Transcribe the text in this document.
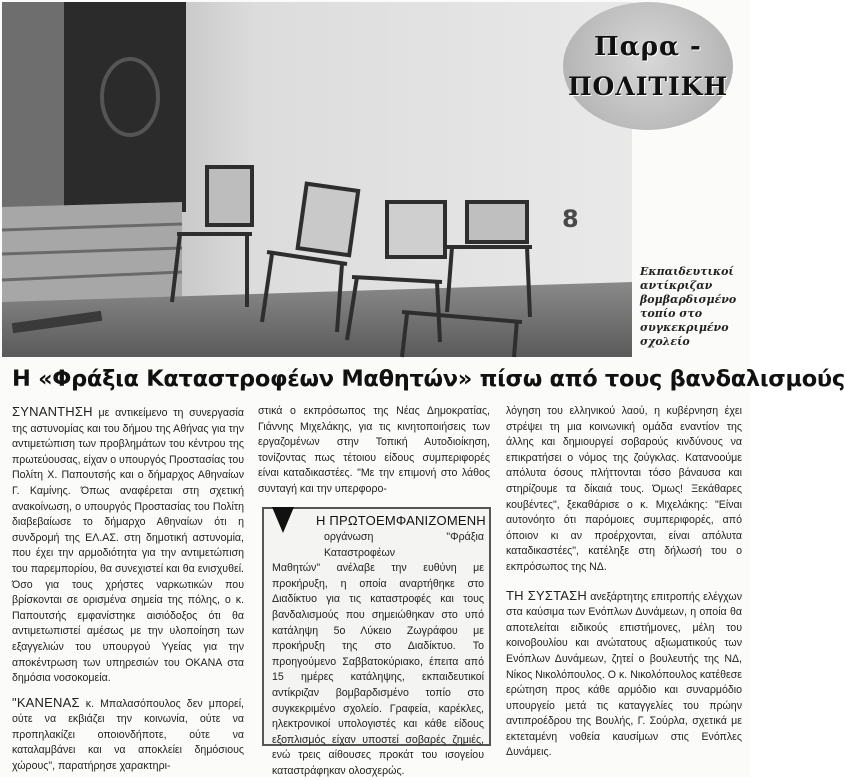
8
Παρα -
ΠΟΛΙΤΙΚΗ
Εκπαιδευτικοί αντίκριζαν βομβαρδισμένο τοπίο στο συγκεκριμένο σχολείο
Η «Φράξια Καταστροφέων Μαθητών» πίσω από τους βανδαλισμούς

ΣΥΝΑΝΤΗΣΗ με αντικείμενο τη συνεργασία της αστυνομίας και του δήμου της Αθήνας για την αντιμετώπιση των προβλημάτων του κέντρου της πρωτεύουσας, είχαν ο υπουργός Προστασίας του Πολίτη Χ. Παπουτσής και ο δήμαρχος Αθηναίων Γ. Καμίνης. Όπως αναφέρεται στη σχετική ανακοίνωση, ο υπουργός Προστασίας του Πολίτη διαβεβαίωσε το δήμαρχο Αθηναίων ότι η συνδρομή της ΕΛ.ΑΣ. στη δημοτική αστυνομία, που έχει την αρμοδιότητα για την αντιμετώπιση του παρεμπορίου, θα συνεχιστεί και θα ενισχυθεί. Όσο για τους χρήστες ναρκωτικών που βρίσκονται σε ορισμένα σημεία της πόλης, ο κ. Παπουτσής εμφανίστηκε αισιόδοξος ότι θα αντιμετωπιστεί αμέσως με την υλοποίηση των εξαγγελιών του υπουργού Υγείας για την αποκέντρωση των υπηρεσιών του ΟΚΑΝΑ στα δημόσια νοσοκομεία.

"ΚΑΝΕΝΑΣ κ. Μπαλασόπουλος δεν μπορεί, ούτε να εκβιάζει την κοινωνία, ούτε να προπηλακίζει οποιονδήποτε, ούτε να καταλαμβάνει και να αποκλείει δημόσιους χώρους", παρατήρησε χαρακτηρι-

στικά ο εκπρόσωπος της Νέας Δημοκρατίας, Γιάννης Μιχελάκης, για τις κινητοποιήσεις των εργαζομένων στην Τοπική Αυτοδιοίκηση, τονίζοντας πως τέτοιου είδους συμπεριφορές είναι καταδικαστέες. "Με την επιμονή στο λάθος συνταγή και την υπερφορο-

Η ΠΡΩΤΟΕΜΦΑΝΙΖΟΜΕΝΗ
οργάνωση "Φράξια Καταστροφέων
Μαθητών" ανέλαβε την ευθύνη με προκήρυξη, η οποία αναρτήθηκε στο Διαδίκτυο για τις καταστροφές και τους βανδαλισμούς που σημειώθηκαν στο υπό κατάληψη 5ο Λύκειο Ζωγράφου με προκήρυξη της στο Διαδίκτυο. Το προηγούμενο Σαββατοκύριακο, έπειτα από 15 ημέρες κατάληψης, εκπαιδευτικοί αντίκριζαν βομβαρδισμένο τοπίο στο συγκεκριμένο σχολείο. Γραφεία, καρέκλες, ηλεκτρονικοί υπολογιστές και κάθε είδους εξοπλισμός είχαν υποστεί σοβαρές ζημιές, ενώ τρεις αίθουσες προκάτ του ισογείου καταστράφηκαν ολοσχερώς.

λόγηση του ελληνικού λαού, η κυβέρνηση έχει στρέψει τη μια κοινωνική ομάδα εναντίον της άλλης και δημιουργεί σοβαρούς κινδύνους να επικρατήσει ο νόμος της ζούγκλας. Κατανοούμε απόλυτα όσους πλήττονται τόσο βάναυσα και στηρίζουμε τα δίκαιά τους. Όμως! Ξεκάθαρες κουβέντες", ξεκαθάρισε ο κ. Μιχελάκης: "Είναι αυτονόητο ότι παρόμοιες συμπεριφορές, από όποιον κι αν προέρχονται, είναι απόλυτα καταδικαστέες", κατέληξε στη δήλωσή του ο εκπρόσωπος της ΝΔ.

ΤΗ ΣΥΣΤΑΣΗ ανεξάρτητης επιτροπής ελέγχων στα καύσιμα των Ενόπλων Δυνάμεων, η οποία θα αποτελείται ειδικούς επιστήμονες, μέλη του κοινοβουλίου και ανώτατους αξιωματικούς των Ενόπλων Δυνάμεων, ζητεί ο βουλευτής της ΝΔ, Νίκος Νικολόπουλος. Ο κ. Νικολόπουλος κατέθεσε ερώτηση προς κάθε αρμόδιο και συναρμόδιο υπουργείο μετά τις καταγγελίες του πρώην αντιπροέδρου της Βουλής, Γ. Σούρλα, σχετικά με εκτεταμένη νοθεία καυσίμων στις Ενόπλες Δυνάμεις.
